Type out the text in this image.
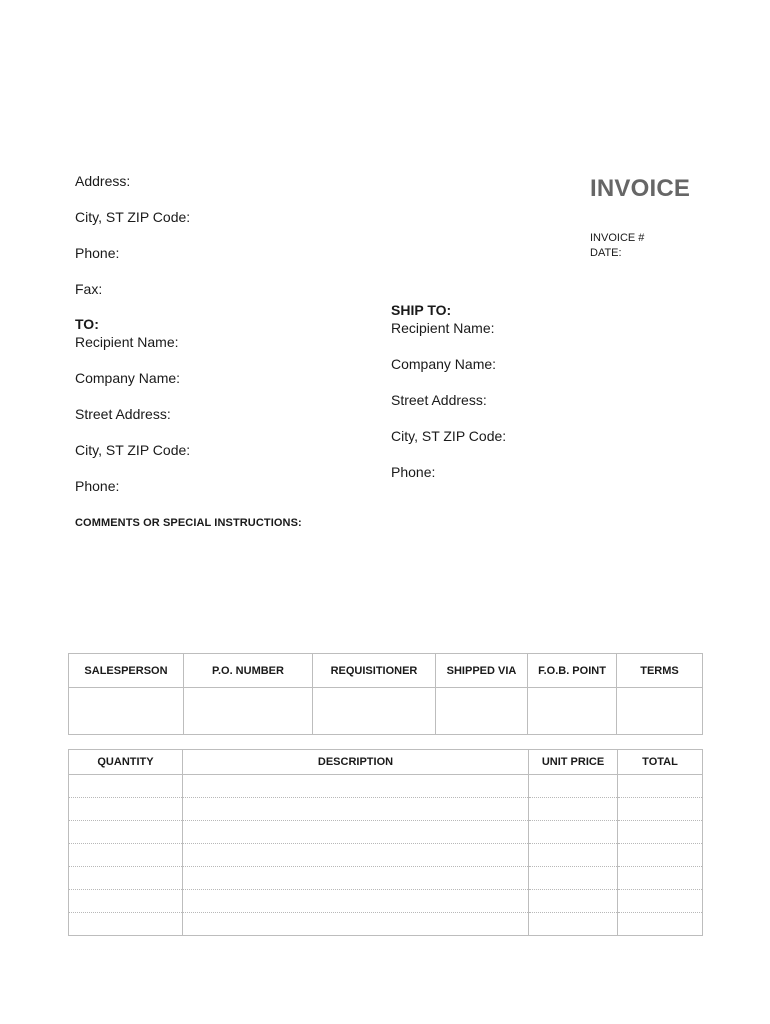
Address:
City, ST ZIP Code:
Phone:
Fax:
INVOICE
INVOICE #
DATE:
TO:
Recipient Name:
Company Name:
Street Address:
City, ST ZIP Code:
Phone:
SHIP TO:
Recipient Name:
Company Name:
Street Address:
City, ST ZIP Code:
Phone:
COMMENTS OR SPECIAL INSTRUCTIONS:
SALESPERSON	P.O. NUMBER	REQUISITIONER	SHIPPED VIA	F.O.B. POINT	TERMS

QUANTITY	DESCRIPTION	UNIT PRICE	TOTAL
